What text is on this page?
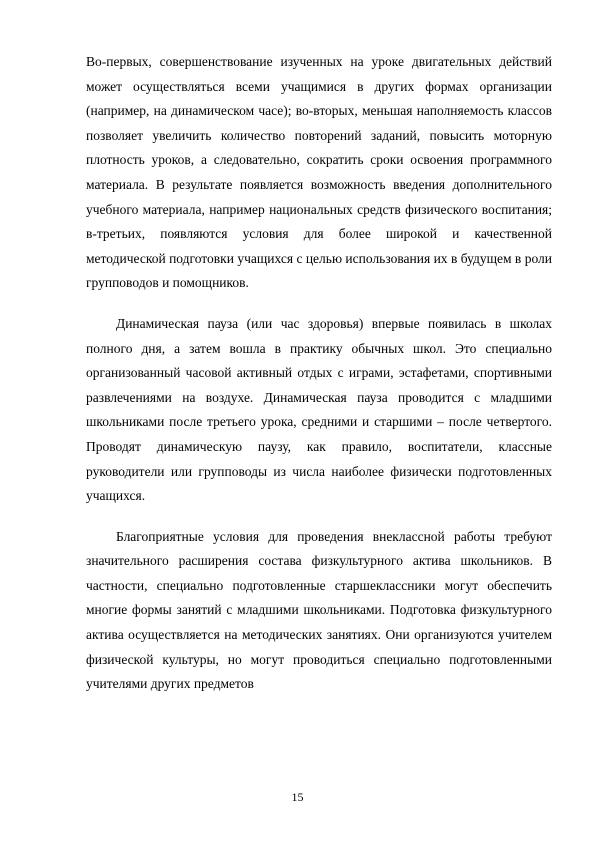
Во-первых, совершенствование изученных на уроке двигательных действий может осуществляться всеми учащимися в других формах организации (например, на динамическом часе); во-вторых, меньшая наполняемость классов позволяет увеличить количество повторений заданий, повысить моторную плотность уроков, а следовательно, сократить сроки освоения программного материала. В результате появляется возможность введения дополнительного учебного материала, например национальных средств физического воспитания; в-третьих, появляются условия для более широкой и качественной методической подготовки учащихся с целью использования их в будущем в роли групповодов и помощников.

Динамическая пауза (или час здоровья) впервые появилась в школах полного дня, а затем вошла в практику обычных школ. Это специально организованный часовой активный отдых с играми, эстафетами, спортивными развлечениями на воздухе. Динамическая пауза проводится с младшими школьниками после третьего урока, средними и старшими – после четвертого. Проводят динамическую паузу, как правило, воспитатели, классные руководители или групповоды из числа наиболее физически подготовленных учащихся.

Благоприятные условия для проведения внеклассной работы требуют значительного расширения состава физкультурного актива школьников. В частности, специально подготовленные старшеклассники могут обеспечить многие формы занятий с младшими школьниками. Подготовка физкультурного актива осуществляется на методических занятиях. Они организуются учителем физической культуры, но могут проводиться специально подготовленными учителями других предметов

15
